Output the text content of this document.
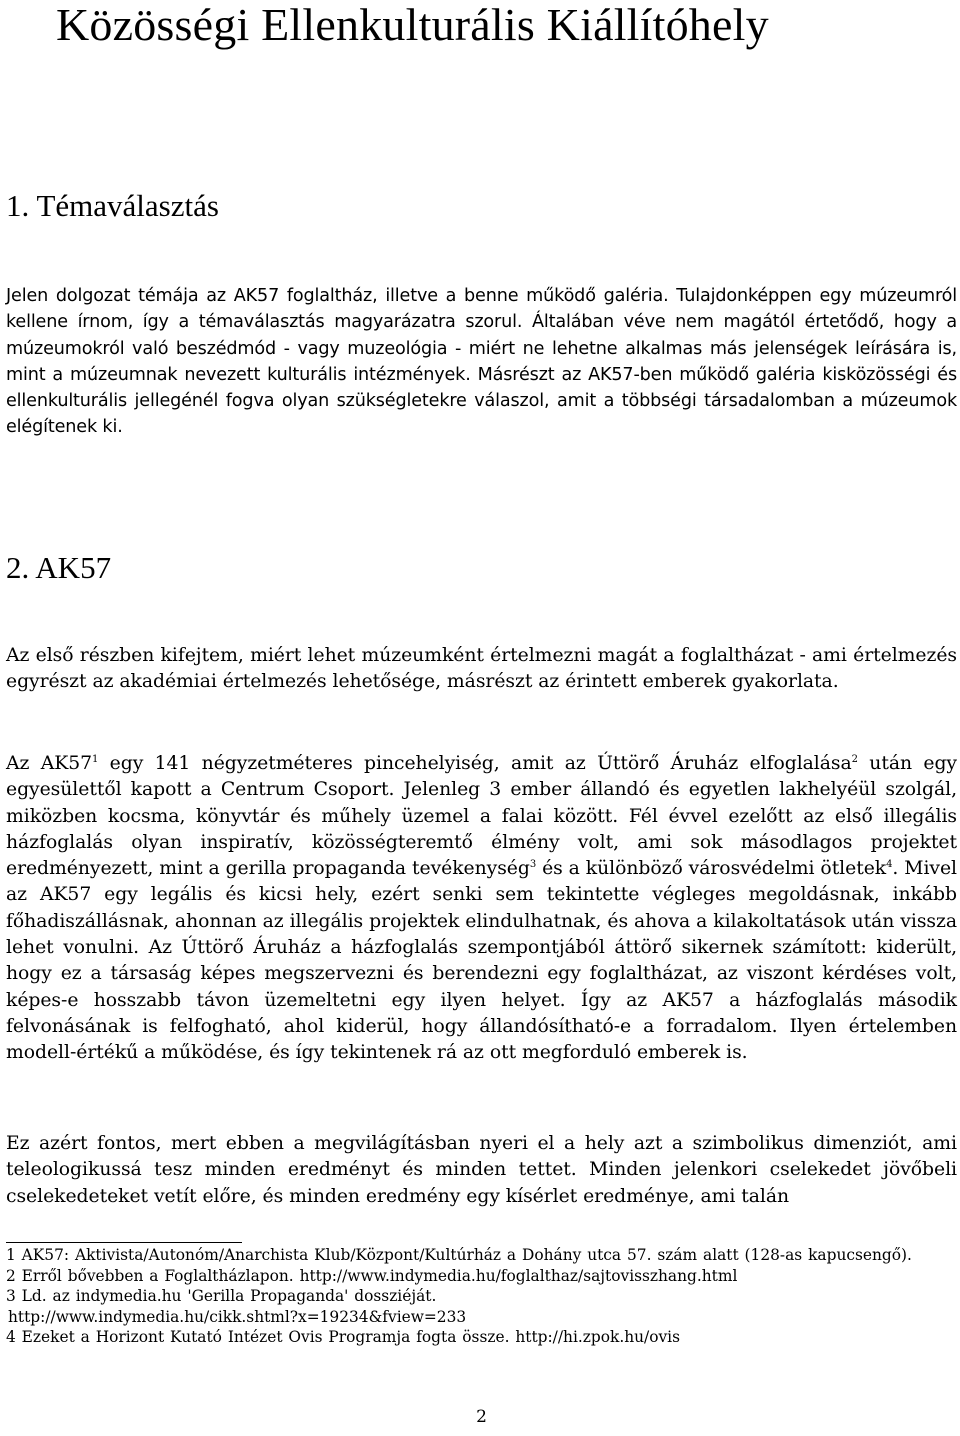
Közösségi Ellenkulturális Kiállítóhely
1. Témaválasztás

Jelen dolgozat témája az AK57 foglaltház, illetve a benne működő galéria. Tulajdonképpen egy múzeumról kellene írnom, így a témaválasztás magyarázatra szorul. Általában véve nem magától értetődő, hogy a múzeumokról való beszédmód - vagy muzeológia - miért ne lehetne alkalmas más jelenségek leírására is, mint a múzeumnak nevezett kulturális intézmények. Másrészt az AK57-ben működő galéria kisközösségi és ellenkulturális jellegénél fogva olyan szükségletekre válaszol, amit a többségi társadalomban a múzeumok elégítenek ki.

2. AK57

Az első részben kifejtem, miért lehet múzeumként értelmezni magát a foglaltházat - ami értelmezés egyrészt az akadémiai értelmezés lehetősége, másrészt az érintett emberek gyakorlata.

Az $AK57^1$ egy 141 négyzetméteres pincehelyiség, amit az Úttörő Áruház elfoglalása$^2$ után egy egyesülettől kapott a Centrum Csoport. Jelenleg 3 ember állandó és egyetlen lakhelyéül szolgál, miközben kocsma, könyvtár és műhely üzemel a falai között. Fél évvel ezelőtt az első illegális házfoglalás olyan inspiratív, közösségteremtő élmény volt, ami sok másodlagos projektet eredményezett, mint a gerilla propaganda tevékenység$^3$ és a különböző városvédelmi ötletek$^4$. Mivel az AK57 egy legális és kicsi hely, ezért senki sem tekintette végleges megoldásnak, inkább főhadiszállásnak, ahonnan az illegális projektek elindulhatnak, és ahova a kilakoltatások után vissza lehet vonulni. Az Úttörő Áruház a házfoglalás szempontjából áttörő sikernek számított: kiderült, hogy ez a társaság képes megszervezni és berendezni egy foglaltházat, az viszont kérdéses volt, képes-e hosszabb távon üzemeltetni egy ilyen helyet. Így az AK57 a házfoglalás második felvonásának is felfogható, ahol kiderül, hogy állandósítható-e a forradalom. Ilyen értelemben modell-értékű a működése, és így tekintenek rá az ott megforduló emberek is.

Ez azért fontos, mert ebben a megvilágításban nyeri el a hely azt a szimbolikus dimenziót, ami teleologikussá tesz minden eredményt és minden tettet. Minden jelenkori cselekedet jövőbeli cselekedeteket vetít előre, és minden eredmény egy kísérlet eredménye, ami talán

1 AK57: Aktivista/Autonóm/Anarchista Klub/Központ/Kultúrház a Dohány utca 57. szám alatt (128-as kapucsengő).

2 Erről bővebben a Foglaltházlapon. http://www.indymedia.hu/foglalthaz/sajtovisszhang.html

3 Ld. az indymedia.hu 'Gerilla Propaganda' dossziéját.

http://www.indymedia.hu/cikk.shtml?x=19234&fview=233

4 Ezeket a Horizont Kutató Intézet Ovis Programja fogta össze. http://hi.zpok.hu/ovis

2
